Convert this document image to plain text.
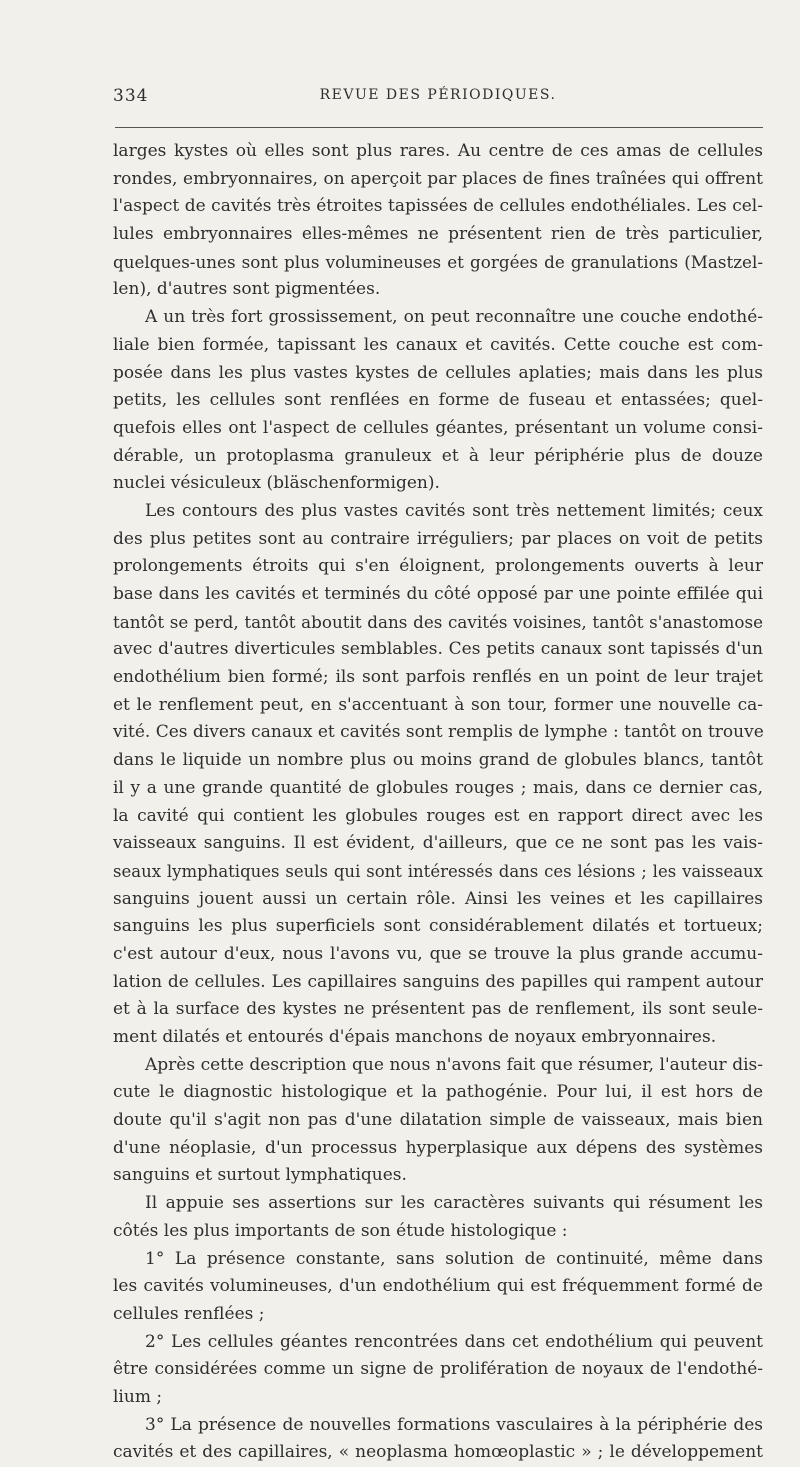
334	REVUE DES PÉRIODIQUES.
larges kystes où elles sont plus rares. Au centre de ces amas de cellules
rondes, embryonnaires, on aperçoit par places de fines traînées qui offrent
l'aspect de cavités très étroites tapissées de cellules endothéliales. Les cel-
lules embryonnaires elles-mêmes ne présentent rien de très particulier,
quelques-unes sont plus volumineuses et gorgées de granulations (Mastzel-
len), d'autres sont pigmentées.
A un très fort grossissement, on peut reconnaître une couche endothé-
liale bien formée, tapissant les canaux et cavités. Cette couche est com-
posée dans les plus vastes kystes de cellules aplaties; mais dans les plus
petits, les cellules sont renflées en forme de fuseau et entassées; quel-
quefois elles ont l'aspect de cellules géantes, présentant un volume consi-
dérable, un protoplasma granuleux et à leur périphérie plus de douze
nuclei vésiculeux (bläschenformigen).
Les contours des plus vastes cavités sont très nettement limités; ceux
des plus petites sont au contraire irréguliers; par places on voit de petits
prolongements étroits qui s'en éloignent, prolongements ouverts à leur
base dans les cavités et terminés du côté opposé par une pointe effilée qui
tantôt se perd, tantôt aboutit dans des cavités voisines, tantôt s'anastomose
avec d'autres diverticules semblables. Ces petits canaux sont tapissés d'un
endothélium bien formé; ils sont parfois renflés en un point de leur trajet
et le renflement peut, en s'accentuant à son tour, former une nouvelle ca-
vité. Ces divers canaux et cavités sont remplis de lymphe : tantôt on trouve
dans le liquide un nombre plus ou moins grand de globules blancs, tantôt
il y a une grande quantité de globules rouges ; mais, dans ce dernier cas,
la cavité qui contient les globules rouges est en rapport direct avec les
vaisseaux sanguins. Il est évident, d'ailleurs, que ce ne sont pas les vais-
seaux lymphatiques seuls qui sont intéressés dans ces lésions ; les vaisseaux
sanguins jouent aussi un certain rôle. Ainsi les veines et les capillaires
sanguins les plus superficiels sont considérablement dilatés et tortueux;
c'est autour d'eux, nous l'avons vu, que se trouve la plus grande accumu-
lation de cellules. Les capillaires sanguins des papilles qui rampent autour
et à la surface des kystes ne présentent pas de renflement, ils sont seule-
ment dilatés et entourés d'épais manchons de noyaux embryonnaires.
Après cette description que nous n'avons fait que résumer, l'auteur dis-
cute le diagnostic histologique et la pathogénie. Pour lui, il est hors de
doute qu'il s'agit non pas d'une dilatation simple de vaisseaux, mais bien
d'une néoplasie, d'un processus hyperplasique aux dépens des systèmes
sanguins et surtout lymphatiques.
Il appuie ses assertions sur les caractères suivants qui résument les
côtés les plus importants de son étude histologique :
1° La présence constante, sans solution de continuité, même dans
les cavités volumineuses, d'un endothélium qui est fréquemment formé de
cellules renflées ;
2° Les cellules géantes rencontrées dans cet endothélium qui peuvent
être considérées comme un signe de prolifération de noyaux de l'endothé-
lium ;
3° La présence de nouvelles formations vasculaires à la périphérie des
cavités et des capillaires, « neoplasma homœoplastic » ; le développement
